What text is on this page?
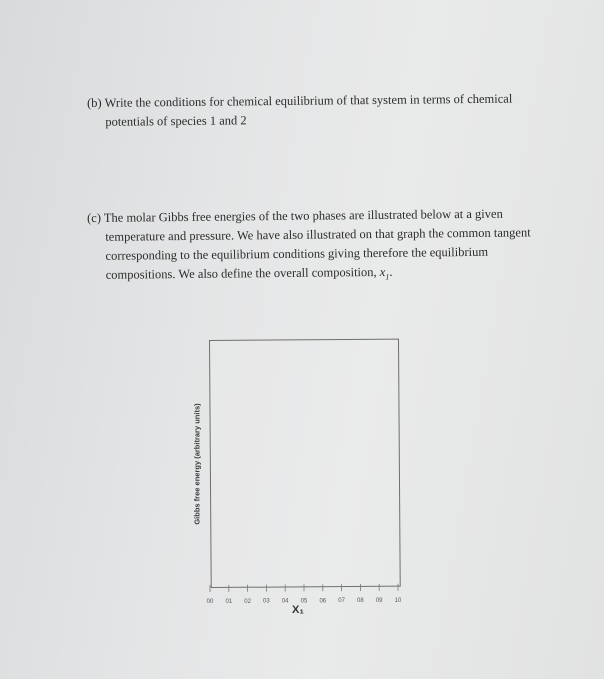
(b) Write the conditions for chemical equilibrium of that system in terms of chemical
potentials of species 1 and 2
(c) The molar Gibbs free energies of the two phases are illustrated below at a given
temperature and pressure. We have also illustrated on that graph the common tangent
corresponding to the equilibrium conditions giving therefore the equilibrium
compositions. We also define the overall composition, $x_1$.
Gibbs free energy (arbitrary units)
00 01 02 03 04 05 06 07 08 09 10
X₁
